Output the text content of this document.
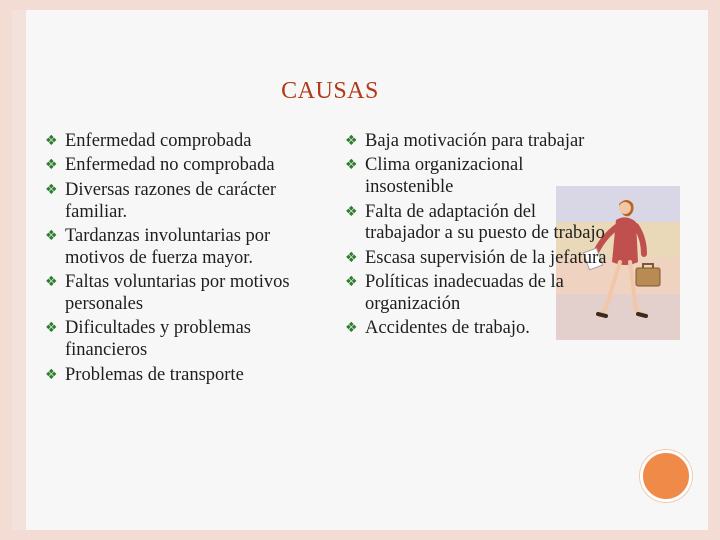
CAUSAS
❖ Enfermedad comprobada
❖ Enfermedad no comprobada
❖ Diversas razones de carácter familiar.
❖ Tardanzas involuntarias por motivos de fuerza mayor.
❖ Faltas voluntarias por motivos personales
❖ Dificultades y problemas financieros
❖ Problemas de transporte
❖ Baja motivación para trabajar
❖ Clima organizacional insostenible
❖ Falta de adaptación del trabajador a su puesto de trabajo
❖ Escasa supervisión de la jefatura
❖ Políticas inadecuadas de la organización
❖ Accidentes de trabajo.
